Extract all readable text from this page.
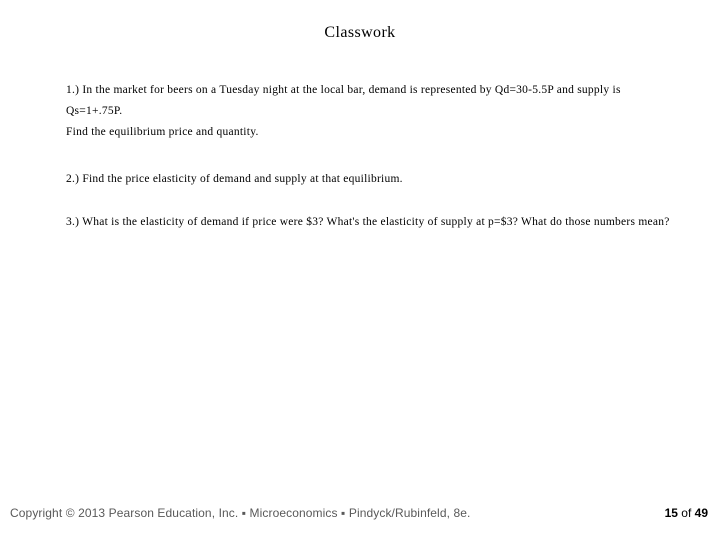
Classwork

1.) In the market for beers on a Tuesday night at the local bar, demand is represented by Qd=30-5.5P and supply is Qs=1+.75P.

Find the equilibrium price and quantity.

2.) Find the price elasticity of demand and supply at that equilibrium.

3.) What is the elasticity of demand if price were $3? What's the elasticity of supply at p=$3? What do those numbers mean?

Copyright © 2013 Pearson Education, Inc. ▪ Microeconomics ▪ Pindyck/Rubinfeld, 8e.	15 of 49
